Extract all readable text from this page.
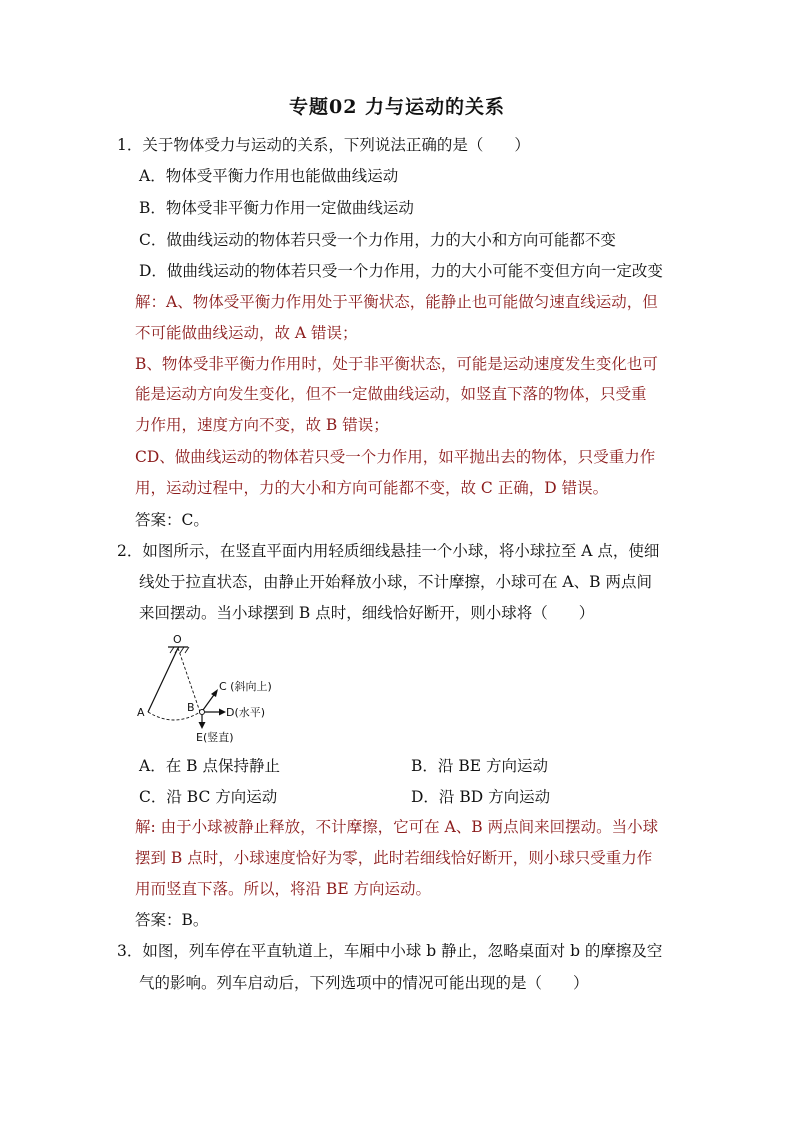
专题02 力与运动的关系
1．关于物体受力与运动的关系，下列说法正确的是（　　）
A．物体受平衡力作用也能做曲线运动
B．物体受非平衡力作用一定做曲线运动
C．做曲线运动的物体若只受一个力作用，力的大小和方向可能都不变
D．做曲线运动的物体若只受一个力作用，力的大小可能不变但方向一定改变
解：A、物体受平衡力作用处于平衡状态，能静止也可能做匀速直线运动，但
不可能做曲线运动，故 A 错误；
B、物体受非平衡力作用时，处于非平衡状态，可能是运动速度发生变化也可
能是运动方向发生变化，但不一定做曲线运动，如竖直下落的物体，只受重
力作用，速度方向不变，故 B 错误；
CD、做曲线运动的物体若只受一个力作用，如平抛出去的物体，只受重力作
用，运动过程中，力的大小和方向可能都不变，故 C 正确，D 错误。
答案：C。
2．如图所示，在竖直平面内用轻质细线悬挂一个小球，将小球拉至 A 点，使细
线处于拉直状态，由静止开始释放小球，不计摩擦，小球可在 A、B 两点间
来回摆动。当小球摆到 B 点时，细线恰好断开，则小球将（　　）
O
A	B
C (斜向上)
D(水平)
E(竖直)
A．在 B 点保持静止	B．沿 BE 方向运动
C．沿 BC 方向运动	D．沿 BD 方向运动
解: 由于小球被静止释放，不计摩擦，它可在 A、B 两点间来回摆动。当小球
摆到 B 点时，小球速度恰好为零，此时若细线恰好断开，则小球只受重力作
用而竖直下落。所以，将沿 BE 方向运动。
答案：B。
3．如图，列车停在平直轨道上，车厢中小球 b 静止，忽略桌面对 b 的摩擦及空
气的影响。列车启动后，下列选项中的情况可能出现的是（　　）
